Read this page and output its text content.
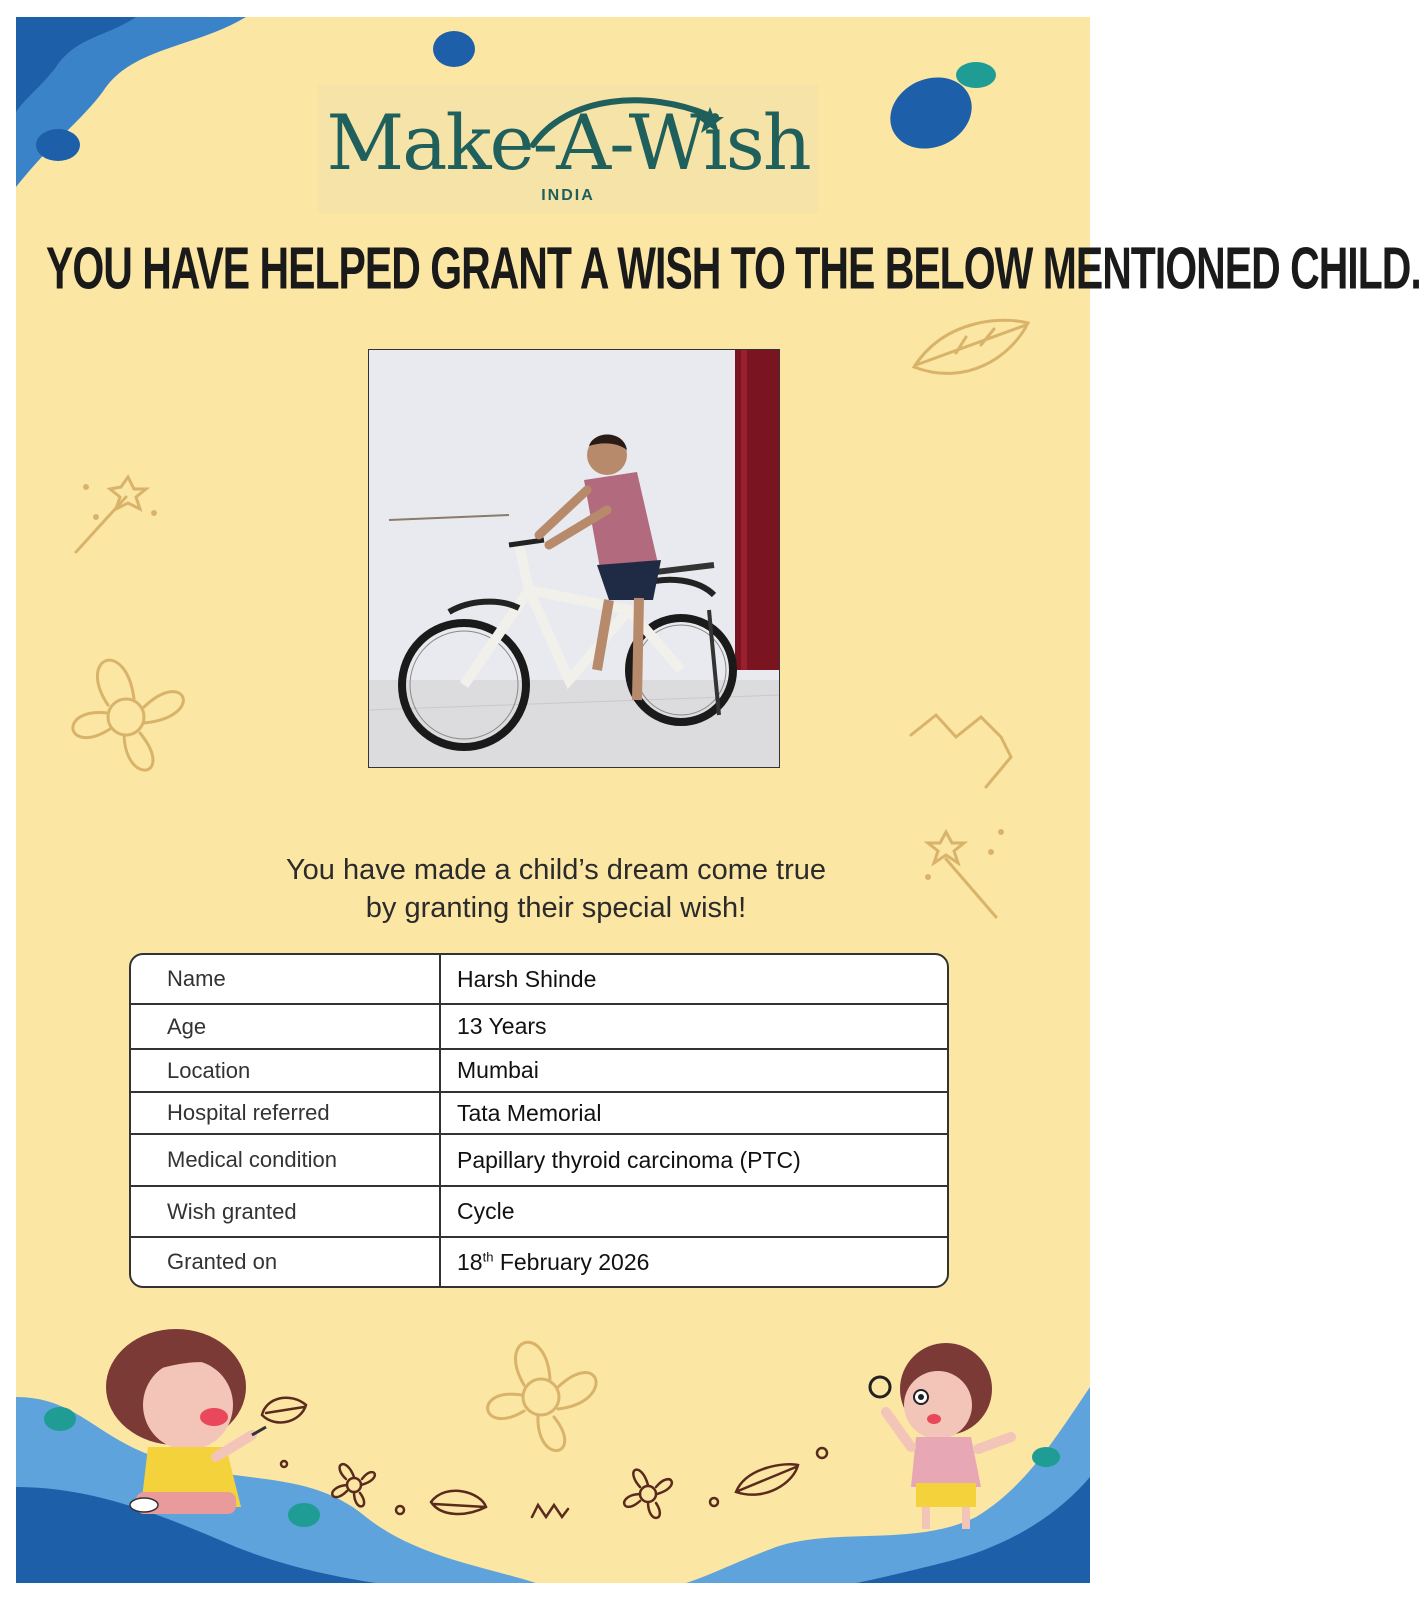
Make-A-Wish
INDIA
YOU HAVE HELPED GRANT A WISH TO THE BELOW MENTIONED CHILD.
You have made a child’s dream come true
by granting their special wish!
Name	Harsh Shinde
Age	13 Years
Location	Mumbai
Hospital referred	Tata Memorial
Medical condition	Papillary thyroid carcinoma (PTC)
Wish granted	Cycle
Granted on	18th February 2026
